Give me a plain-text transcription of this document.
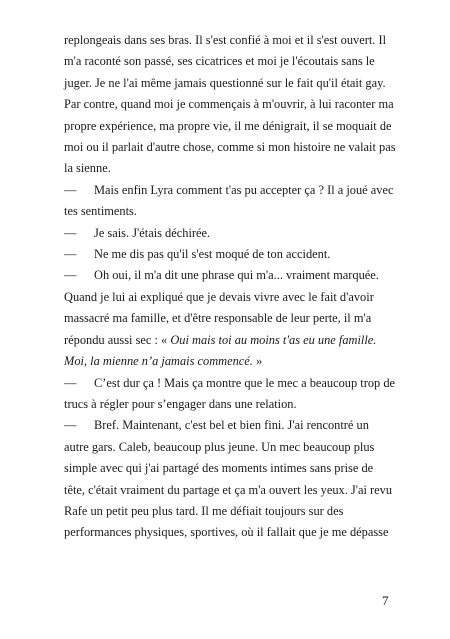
replongeais dans ses bras. Il s'est confié à moi et il s'est ouvert. Il
m'a raconté son passé, ses cicatrices et moi je l'écoutais sans le
juger. Je ne l'ai même jamais questionné sur le fait qu'il était gay.
Par contre, quand moi je commençais à m'ouvrir, à lui raconter ma
propre expérience, ma propre vie, il me dénigrait, il se moquait de
moi ou il parlait d'autre chose, comme si mon histoire ne valait pas
la sienne.
— Mais enfin Lyra comment t'as pu accepter ça ? Il a joué avec
tes sentiments.
— Je sais. J'étais déchirée.
— Ne me dis pas qu'il s'est moqué de ton accident.
— Oh oui, il m'a dit une phrase qui m'a... vraiment marquée.
Quand je lui ai expliqué que je devais vivre avec le fait d'avoir
massacré ma famille, et d'être responsable de leur perte, il m'a
répondu aussi sec : « Oui mais toi au moins t'as eu une famille.
Moi, la mienne n’a jamais commencé. »
— C’est dur ça ! Mais ça montre que le mec a beaucoup trop de
trucs à régler pour s’engager dans une relation.
— Bref. Maintenant, c'est bel et bien fini. J'ai rencontré un
autre gars. Caleb, beaucoup plus jeune. Un mec beaucoup plus
simple avec qui j'ai partagé des moments intimes sans prise de
tête, c'était vraiment du partage et ça m'a ouvert les yeux. J'ai revu
Rafe un petit peu plus tard. Il me défiait toujours sur des
performances physiques, sportives, où il fallait que je me dépasse
7
